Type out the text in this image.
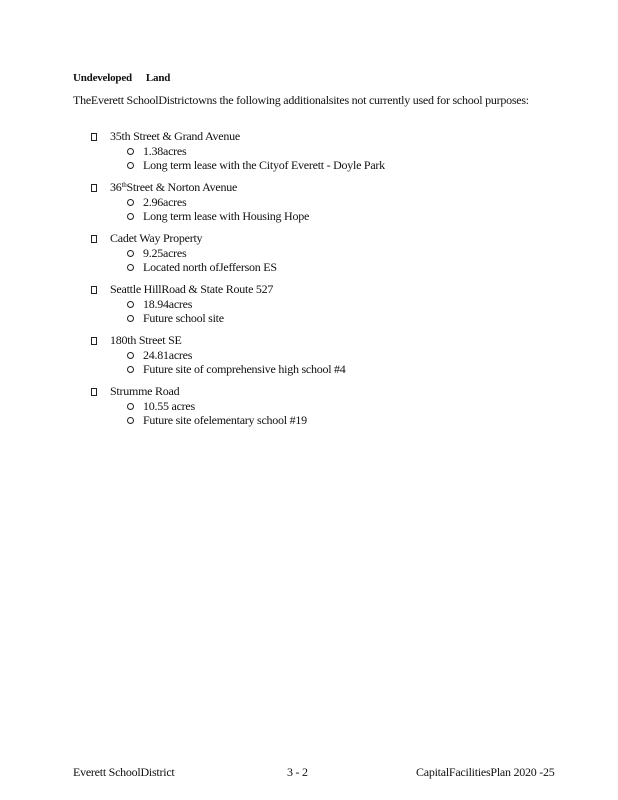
Undeveloped Land
TheEverett SchoolDistrictowns the following additionalsites not currently used for school purposes:
35th Street & Grand Avenue
1.38acres
Long term lease with the Cityof Everett - Doyle Park
36thStreet & Norton Avenue
2.96acres
Long term lease with Housing Hope
Cadet Way Property
9.25acres
Located north ofJefferson ES
Seattle HillRoad & State Route 527
18.94acres
Future school site
180th Street SE
24.81acres
Future site of comprehensive high school #4
Strumme Road
10.55 acres
Future site ofelementary school #19
Everett SchoolDistrict	3 - 2	CapitalFacilitiesPlan 2020 -25
